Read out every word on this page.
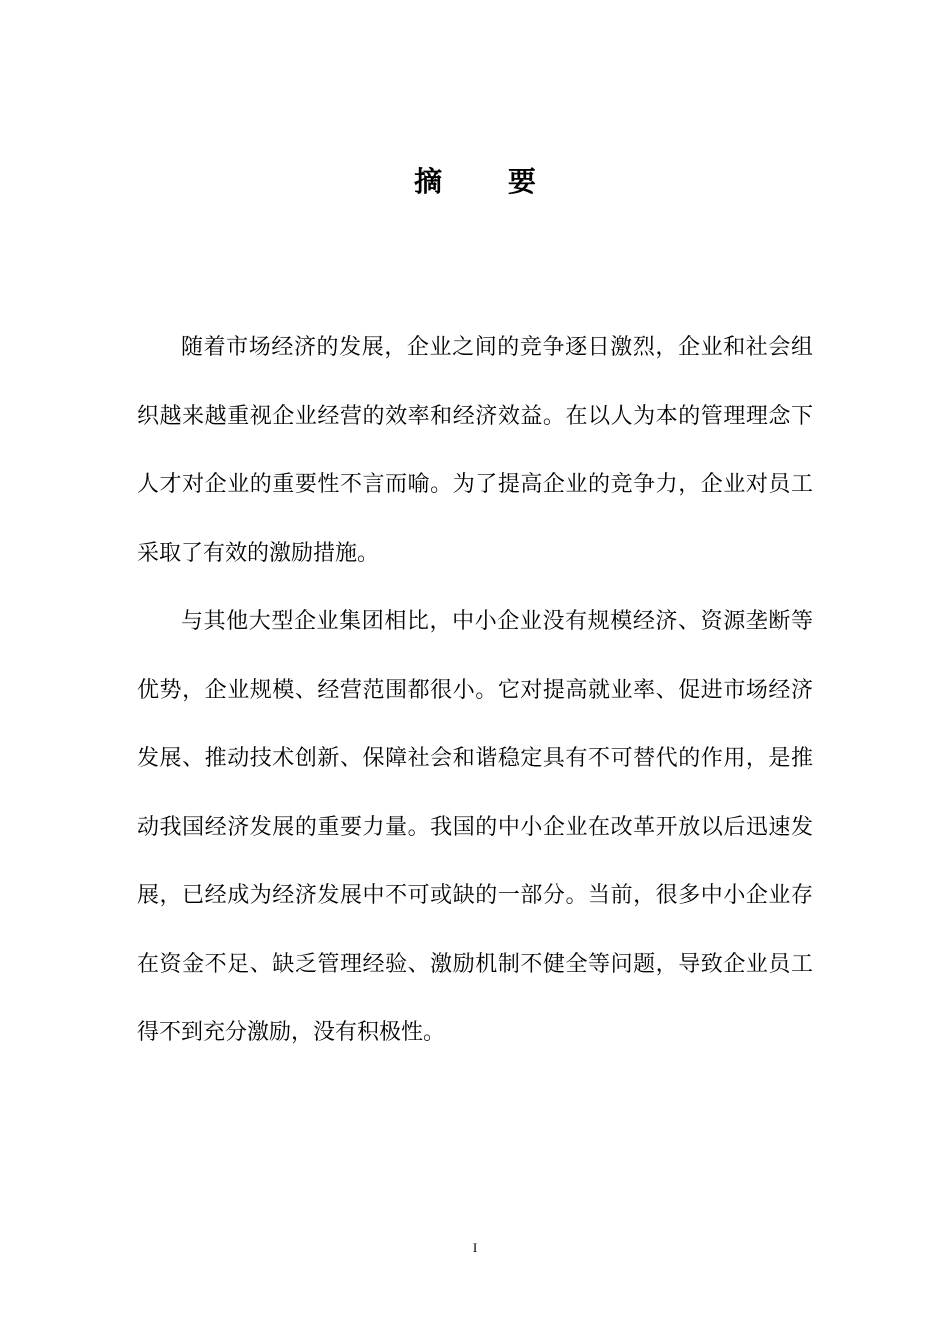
摘 要

随着市场经济的发展，企业之间的竞争逐日激烈，企业和社会组织越来越重视企业经营的效率和经济效益。在以人为本的管理理念下人才对企业的重要性不言而喻。为了提高企业的竞争力，企业对员工采取了有效的激励措施。

与其他大型企业集团相比，中小企业没有规模经济、资源垄断等优势，企业规模、经营范围都很小。它对提高就业率、促进市场经济发展、推动技术创新、保障社会和谐稳定具有不可替代的作用，是推动我国经济发展的重要力量。我国的中小企业在改革开放以后迅速发展，已经成为经济发展中不可或缺的一部分。当前，很多中小企业存在资金不足、缺乏管理经验、激励机制不健全等问题，导致企业员工得不到充分激励，没有积极性。

I
